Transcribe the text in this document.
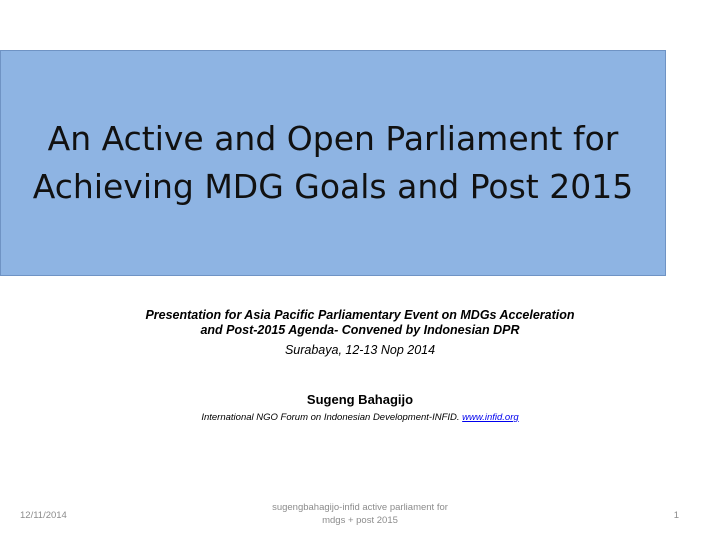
An Active and Open Parliament for
Achieving MDG Goals and Post 2015
Presentation for Asia Pacific Parliamentary Event on MDGs Acceleration
and Post-2015 Agenda- Convened by Indonesian DPR
Surabaya, 12-13 Nop 2014
Sugeng Bahagijo
International NGO Forum on Indonesian Development-INFID. www.infid.org
12/11/2014
sugengbahagijo-infid active parliament for
mdgs + post 2015	1
